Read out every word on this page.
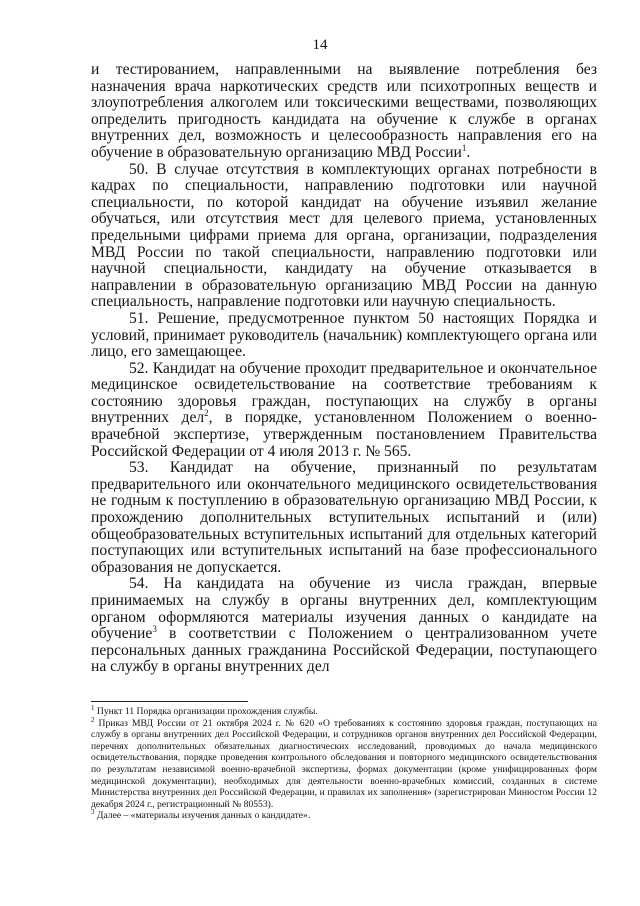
14

и тестированием, направленными на выявление потребления без назначения врача наркотических средств или психотропных веществ и злоупотребления алкоголем или токсическими веществами, позволяющих определить пригодность кандидата на обучение к службе в органах внутренних дел, возможность и целесообразность направления его на обучение в образовательную организацию МВД России$^1$.

50. В случае отсутствия в комплектующих органах потребности в кадрах по специальности, направлению подготовки или научной специальности, по которой кандидат на обучение изъявил желание обучаться, или отсутствия мест для целевого приема, установленных предельными цифрами приема для органа, организации, подразделения МВД России по такой специальности, направлению подготовки или научной специальности, кандидату на обучение отказывается в направлении в образовательную организацию МВД России на данную специальность, направление подготовки или научную специальность.

51. Решение, предусмотренное пунктом 50 настоящих Порядка и условий, принимает руководитель (начальник) комплектующего органа или лицо, его замещающее.

52. Кандидат на обучение проходит предварительное и окончательное медицинское освидетельствование на соответствие требованиям к состоянию здоровья граждан, поступающих на службу в органы внутренних дел$^2$, в порядке, установленном Положением о военно-врачебной экспертизе, утвержденным постановлением Правительства Российской Федерации от 4 июля 2013 г. № 565.

53. Кандидат на обучение, признанный по результатам предварительного или окончательного медицинского освидетельствования не годным к поступлению в образовательную организацию МВД России, к прохождению дополнительных вступительных испытаний и (или) общеобразовательных вступительных испытаний для отдельных категорий поступающих или вступительных испытаний на базе профессионального образования не допускается.

54. На кандидата на обучение из числа граждан, впервые принимаемых на службу в органы внутренних дел, комплектующим органом оформляются материалы изучения данных о кандидате на обучение$^3$ в соответствии с Положением о централизованном учете персональных данных гражданина Российской Федерации, поступающего на службу в органы внутренних дел

$^1$ Пункт 11 Порядка организации прохождения службы.

$^2$ Приказ МВД России от 21 октября 2024 г. № 620 «О требованиях к состоянию здоровья граждан, поступающих на службу в органы внутренних дел Российской Федерации, и сотрудников органов внутренних дел Российской Федерации, перечнях дополнительных обязательных диагностических исследований, проводимых до начала медицинского освидетельствования, порядке проведения контрольного обследования и повторного медицинского освидетельствования по результатам независимой военно-врачебной экспертизы, формах документации (кроме унифицированных форм медицинской документации), необходимых для деятельности военно-врачебных комиссий, созданных в системе Министерства внутренних дел Российской Федерации, и правилах их заполнения» (зарегистрирован Минюстом России 12 декабря 2024 г., регистрационный № 80553).

$^3$ Далее – «материалы изучения данных о кандидате».
